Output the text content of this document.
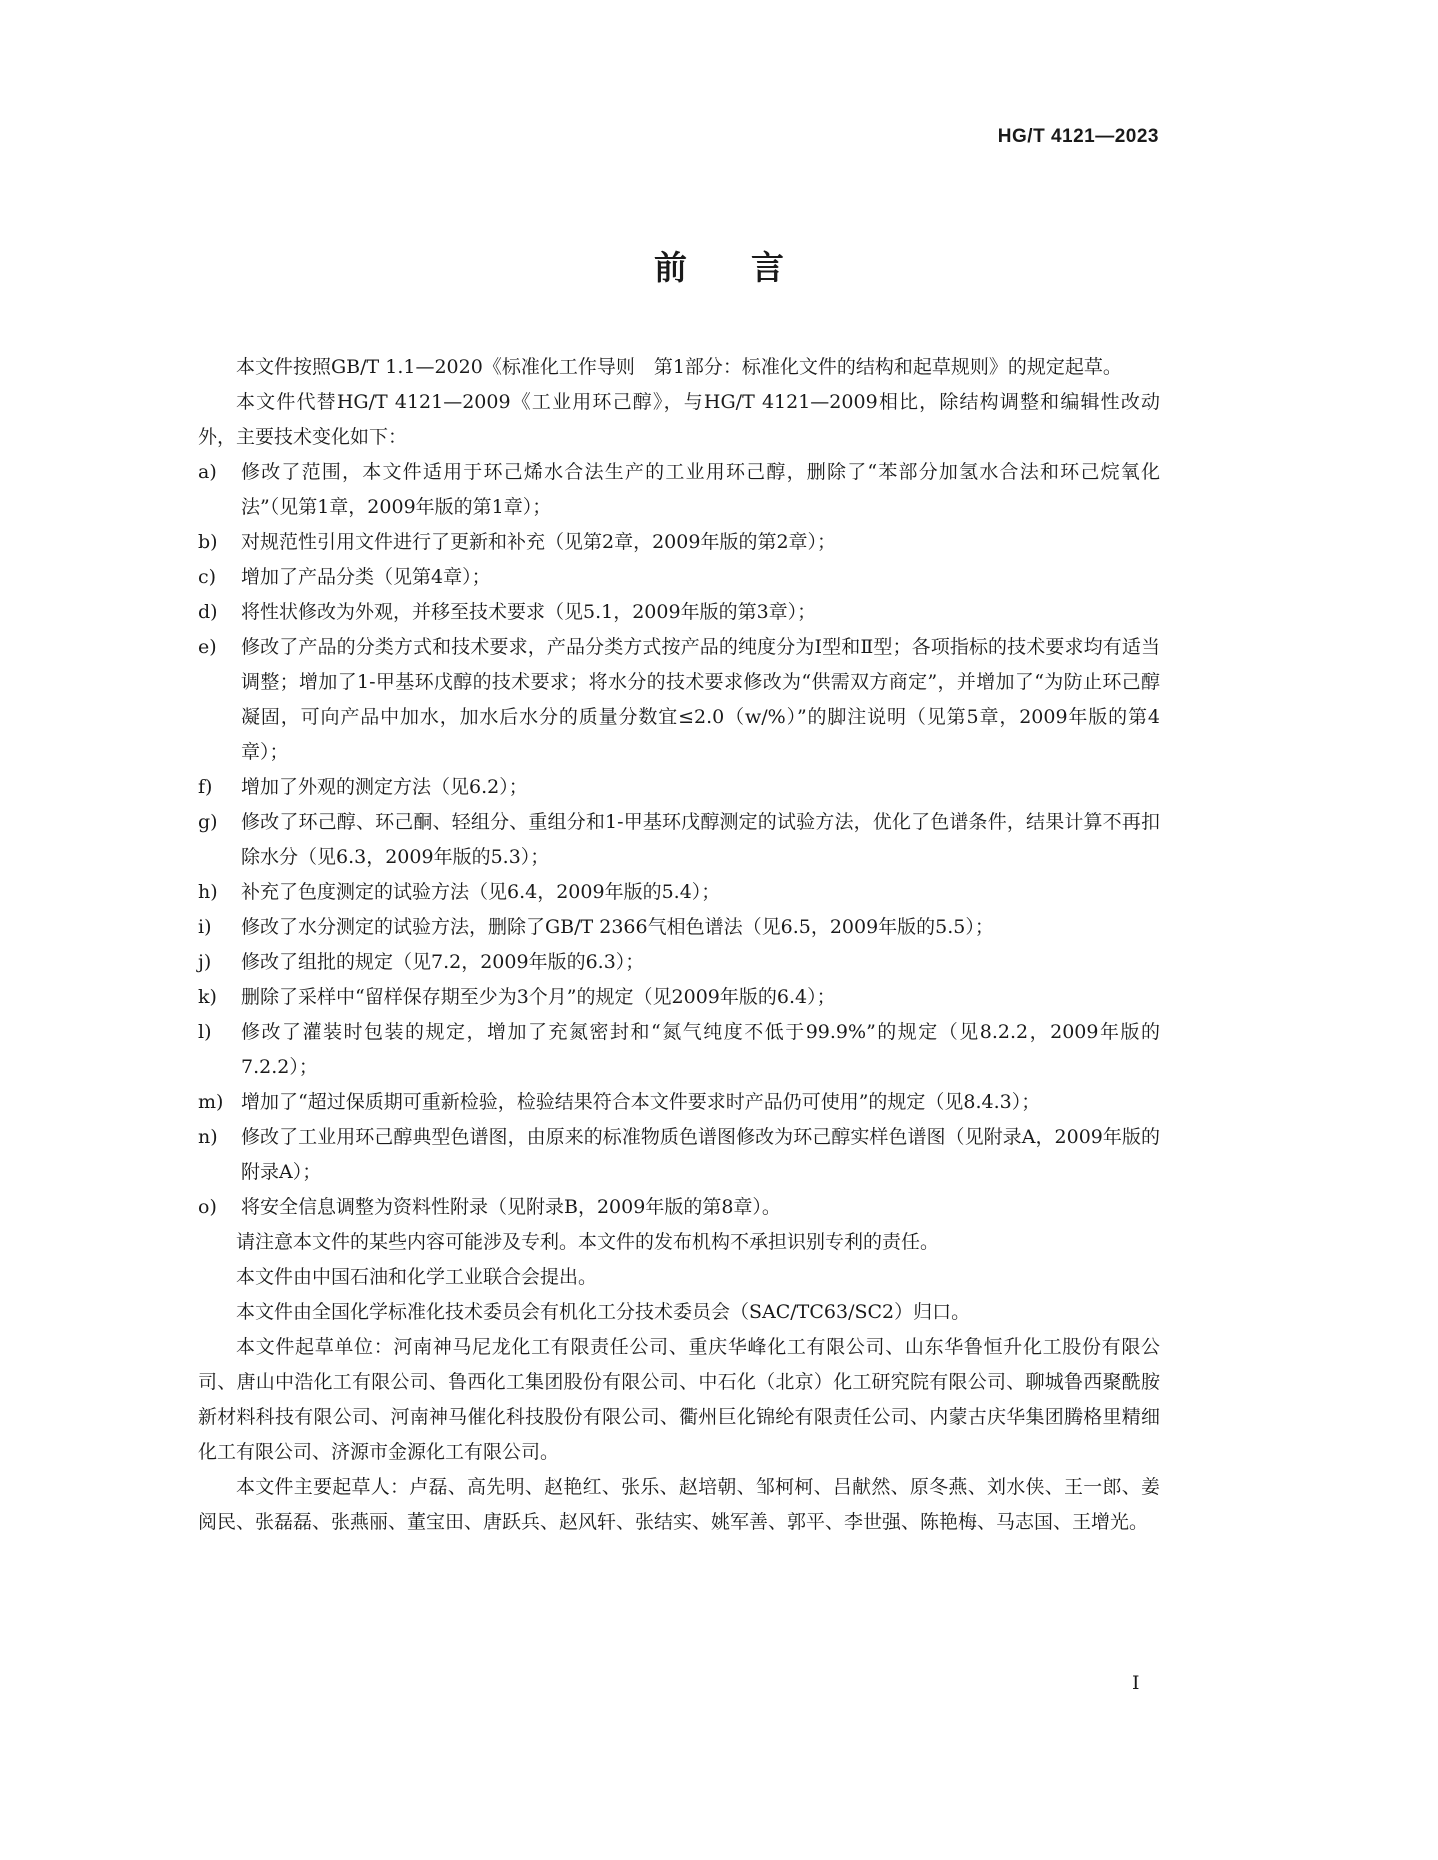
HG/T 4121—2023
前言

本文件按照GB/T 1.1—2020《标准化工作导则　第1部分：标准化文件的结构和起草规则》的规定起草。

本文件代替HG/T 4121—2009《工业用环己醇》，与HG/T 4121—2009相比，除结构调整和编辑性改动外，主要技术变化如下：

a) 修改了范围，本文件适用于环己烯水合法生产的工业用环己醇，删除了“苯部分加氢水合法和环己烷氧化法”（见第1章，2009年版的第1章）；
b) 对规范性引用文件进行了更新和补充（见第2章，2009年版的第2章）；
c) 增加了产品分类（见第4章）；
d) 将性状修改为外观，并移至技术要求（见5.1，2009年版的第3章）；
e) 修改了产品的分类方式和技术要求，产品分类方式按产品的纯度分为Ⅰ型和Ⅱ型；各项指标的技术要求均有适当调整；增加了1-甲基环戊醇的技术要求；将水分的技术要求修改为“供需双方商定”，并增加了“为防止环己醇凝固，可向产品中加水，加水后水分的质量分数宜≤2.0（w/%）”的脚注说明（见第5章，2009年版的第4章）；
f) 增加了外观的测定方法（见6.2）；
g) 修改了环己醇、环己酮、轻组分、重组分和1-甲基环戊醇测定的试验方法，优化了色谱条件，结果计算不再扣除水分（见6.3，2009年版的5.3）；
h) 补充了色度测定的试验方法（见6.4，2009年版的5.4）；
i) 修改了水分测定的试验方法，删除了GB/T 2366气相色谱法（见6.5，2009年版的5.5）；
j) 修改了组批的规定（见7.2，2009年版的6.3）；
k) 删除了采样中“留样保存期至少为3个月”的规定（见2009年版的6.4）；
l) 修改了灌装时包装的规定，增加了充氮密封和“氮气纯度不低于99.9%”的规定（见8.2.2，2009年版的7.2.2）；
m) 增加了“超过保质期可重新检验，检验结果符合本文件要求时产品仍可使用”的规定（见8.4.3）；
n) 修改了工业用环己醇典型色谱图，由原来的标准物质色谱图修改为环己醇实样色谱图（见附录A，2009年版的附录A）；
o) 将安全信息调整为资料性附录（见附录B，2009年版的第8章）。

请注意本文件的某些内容可能涉及专利。本文件的发布机构不承担识别专利的责任。

本文件由中国石油和化学工业联合会提出。

本文件由全国化学标准化技术委员会有机化工分技术委员会（SAC/TC63/SC2）归口。

本文件起草单位：河南神马尼龙化工有限责任公司、重庆华峰化工有限公司、山东华鲁恒升化工股份有限公司、唐山中浩化工有限公司、鲁西化工集团股份有限公司、中石化（北京）化工研究院有限公司、聊城鲁西聚酰胺新材料科技有限公司、河南神马催化科技股份有限公司、衢州巨化锦纶有限责任公司、内蒙古庆华集团腾格里精细化工有限公司、济源市金源化工有限公司。

本文件主要起草人：卢磊、高先明、赵艳红、张乐、赵培朝、邹柯柯、吕献然、原冬燕、刘水侠、王一郎、姜阅民、张磊磊、张燕丽、董宝田、唐跃兵、赵风轩、张结实、姚军善、郭平、李世强、陈艳梅、马志国、王增光。

Ⅰ
